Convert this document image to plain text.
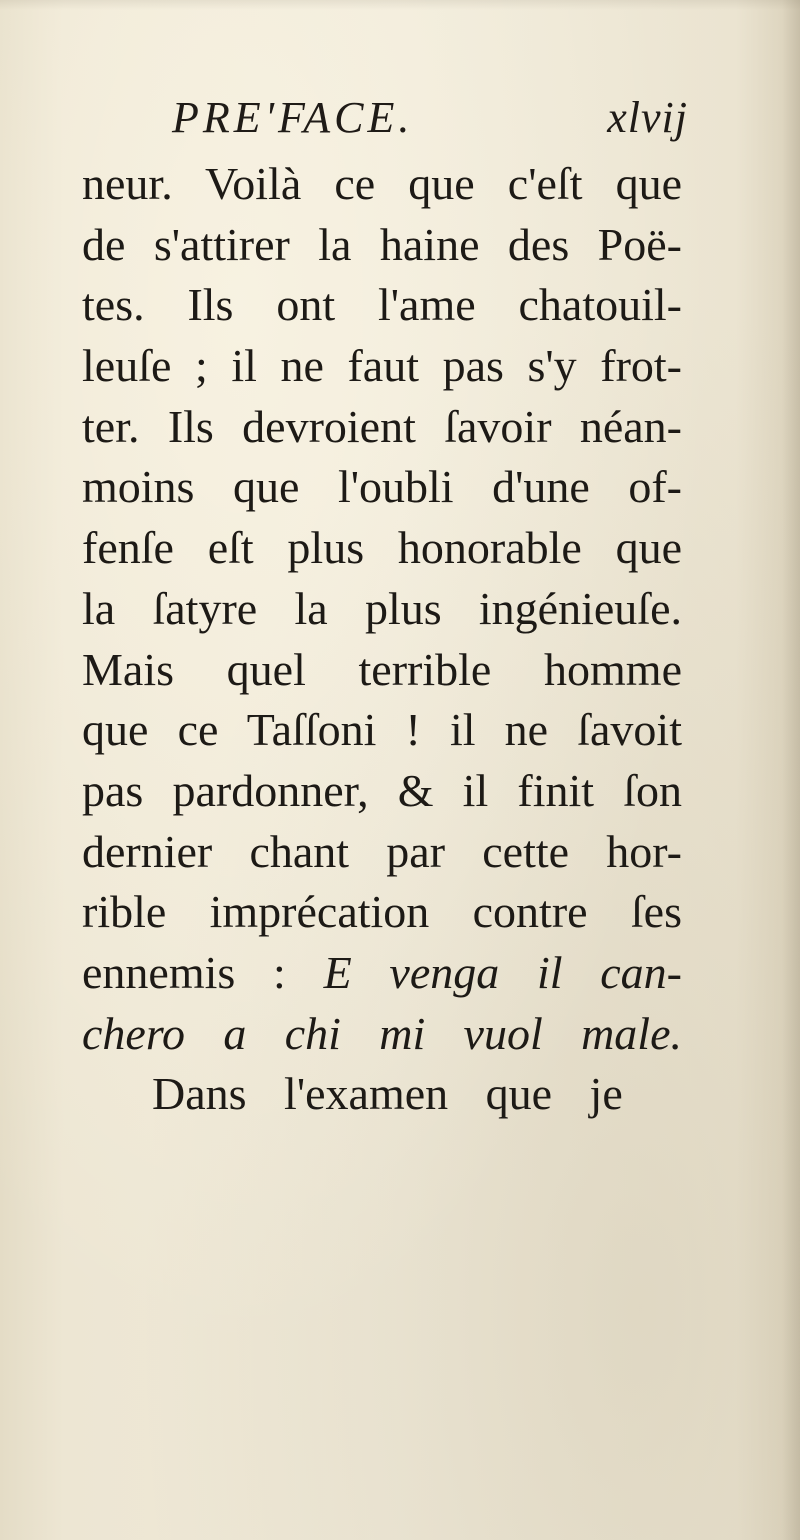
PRE'FACE.	xlvij
neur. Voilà ce que c'eſt que
de s'attirer la haine des Poë-
tes. Ils ont l'ame chatouil-
leuſe ; il ne faut pas s'y frot-
ter. Ils devroient ſavoir néan-
moins que l'oubli d'une of-
fenſe eſt plus honorable que
la ſatyre la plus ingénieuſe.
Mais quel terrible homme
que ce Taſſoni ! il ne ſavoit
pas pardonner, & il finit ſon
dernier chant par cette hor-
rible imprécation contre ſes
ennemis : E venga il can-
chero a chi mi vuol male.
Dans l'examen que je
